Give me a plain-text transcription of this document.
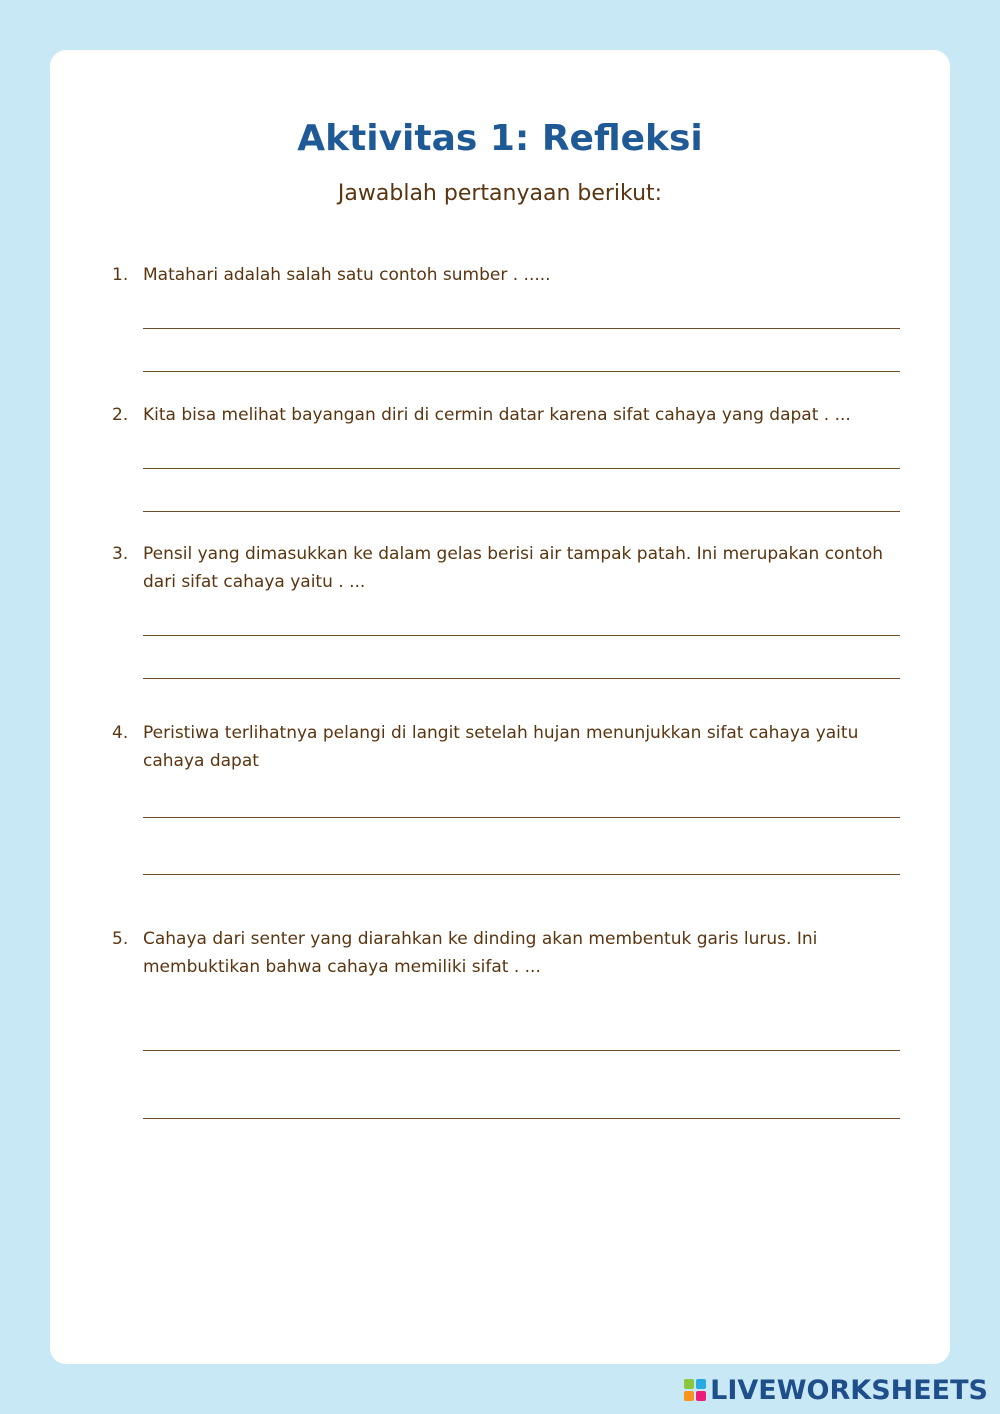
Aktivitas 1: Refleksi

Jawablah pertanyaan berikut:

1. Matahari adalah salah satu contoh sumber . .....
2. Kita bisa melihat bayangan diri di cermin datar karena sifat cahaya yang dapat . ...
3. Pensil yang dimasukkan ke dalam gelas berisi air tampak patah. Ini merupakan contoh dari sifat cahaya yaitu . ...
4. Peristiwa terlihatnya pelangi di langit setelah hujan menunjukkan sifat cahaya yaitu cahaya dapat
5. Cahaya dari senter yang diarahkan ke dinding akan membentuk garis lurus. Ini membuktikan bahwa cahaya memiliki sifat . ...
LIVEWORKSHEETS
